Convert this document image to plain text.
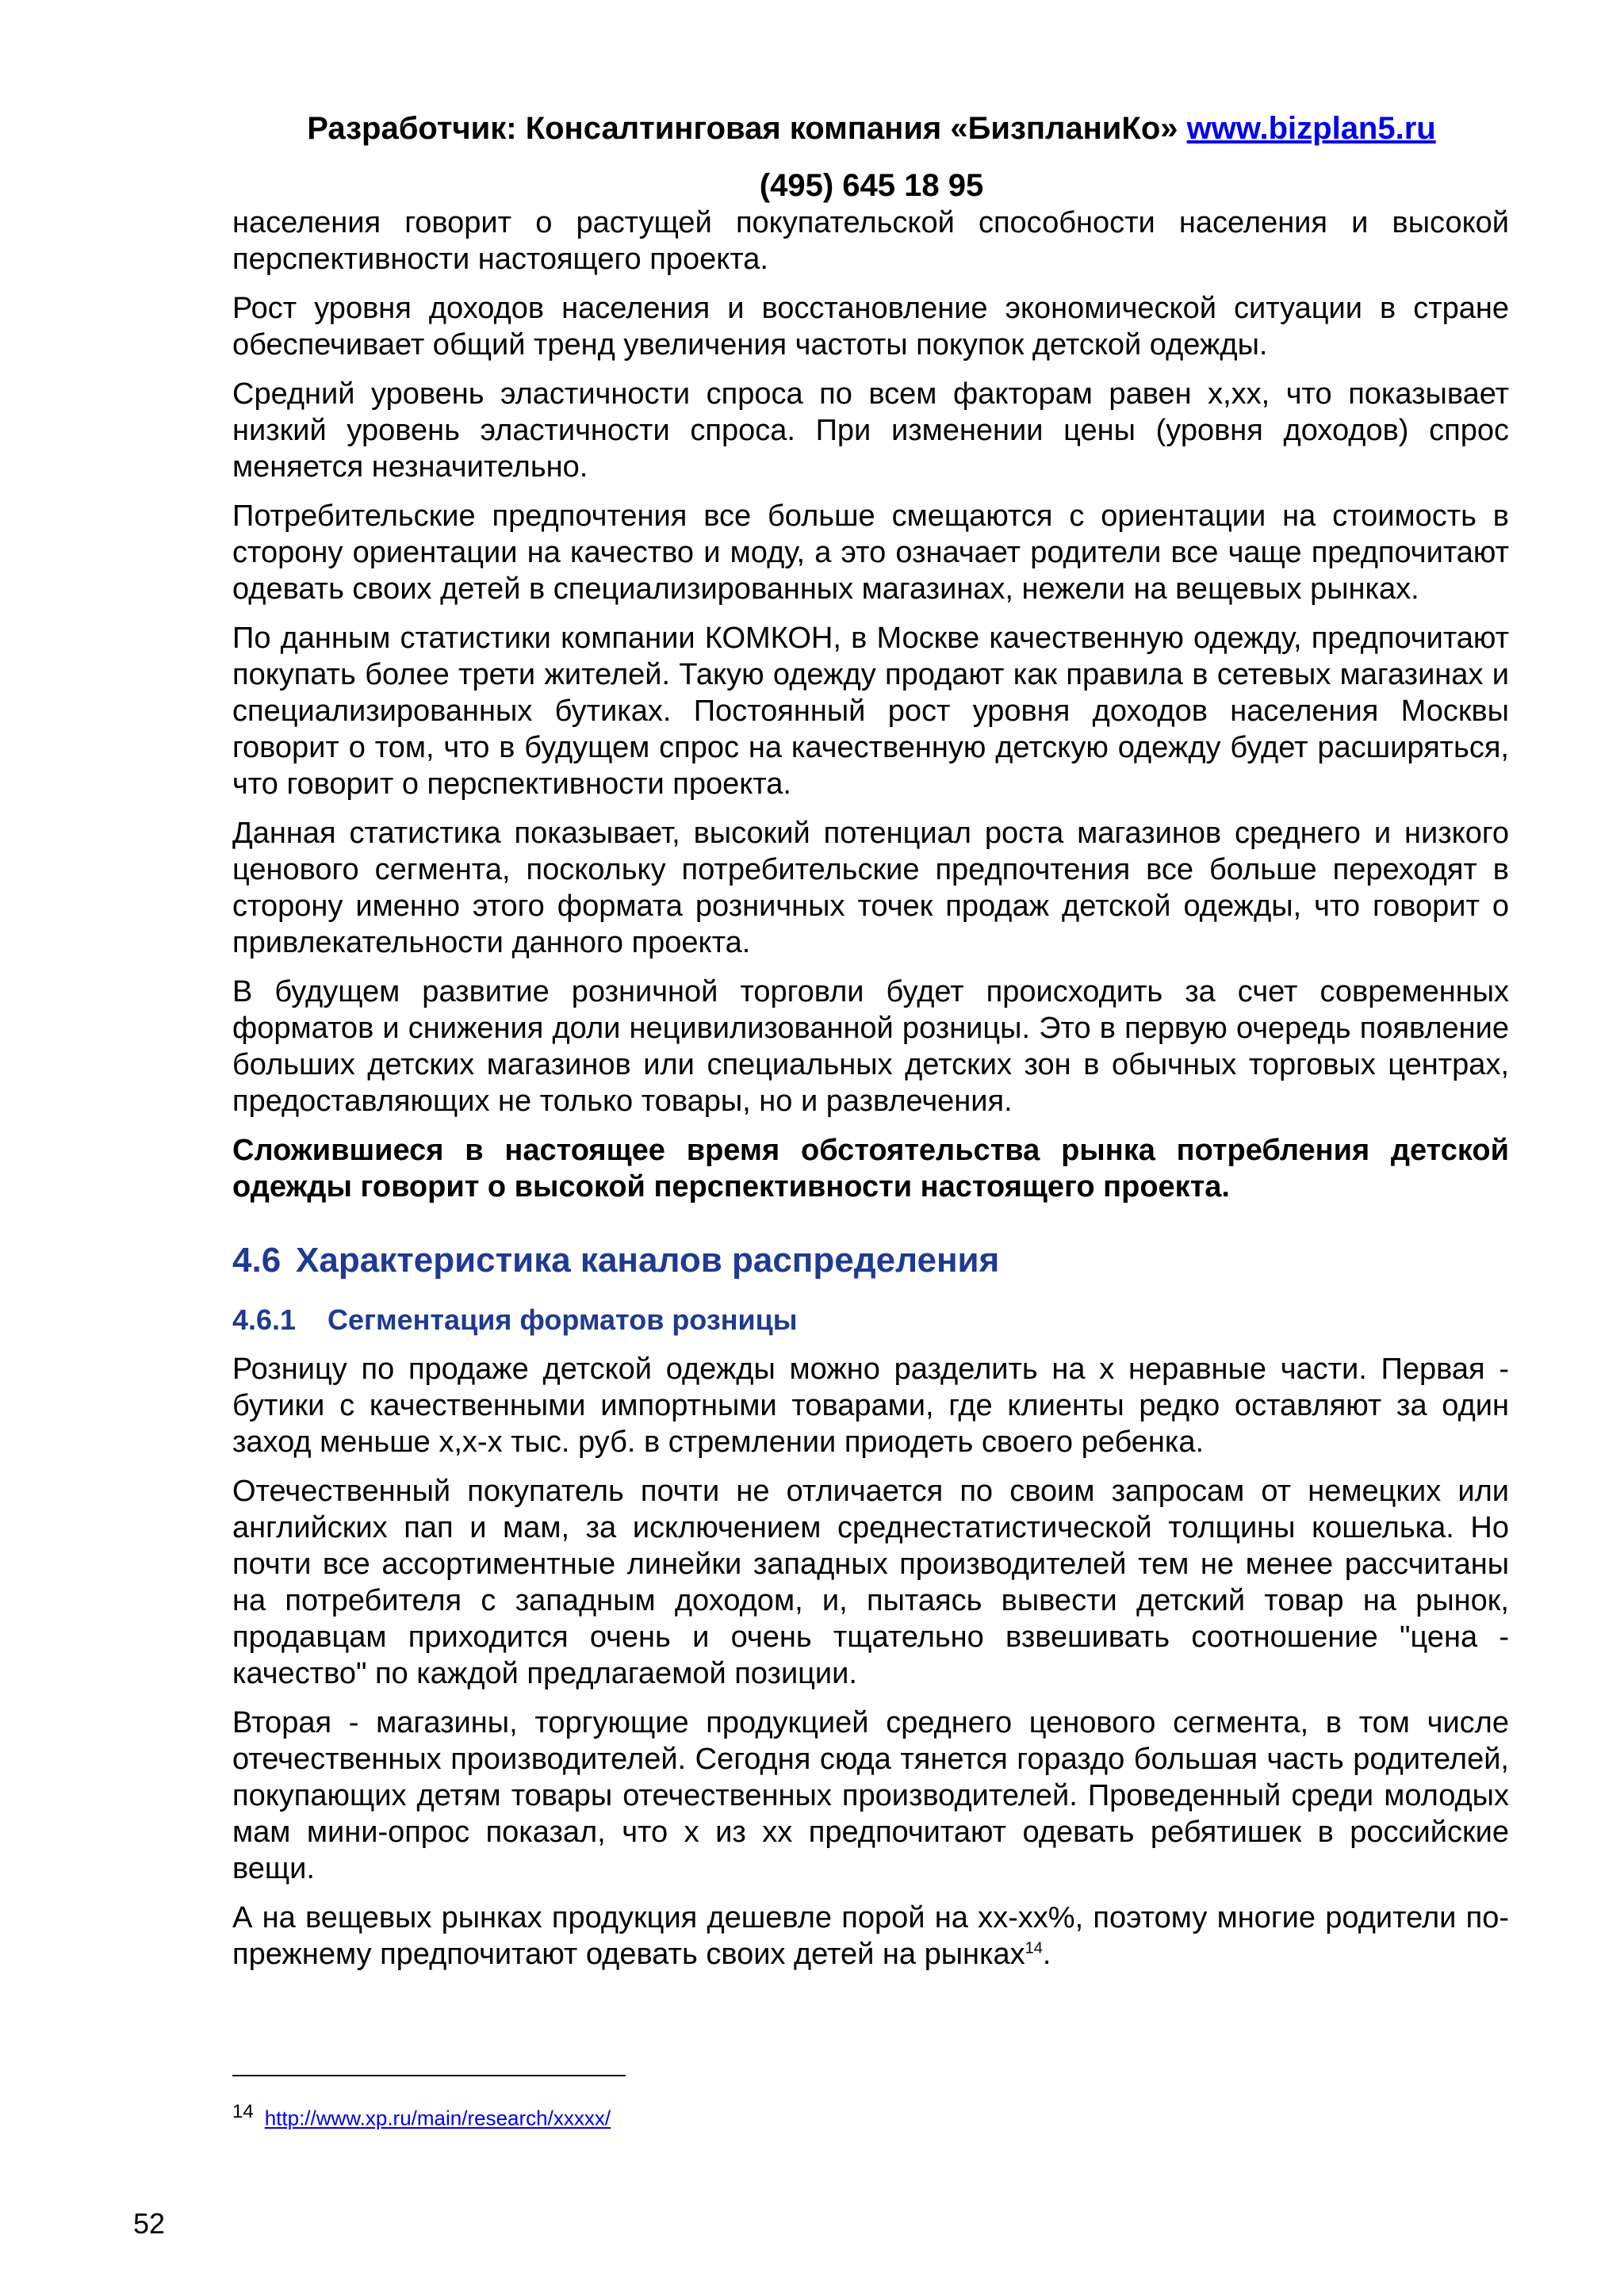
Разработчик: Консалтинговая компания «БизпланиКо» www.bizplan5.ru
(495) 645 18 95

населения говорит о растущей покупательской способности населения и высокой перспективности настоящего проекта.

Рост уровня доходов населения и восстановление экономической ситуации в стране обеспечивает общий тренд увеличения частоты покупок детской одежды.

Средний уровень эластичности спроса по всем факторам равен x,xx, что показывает низкий уровень эластичности спроса. При изменении цены (уровня доходов) спрос меняется незначительно.

Потребительские предпочтения все больше смещаются с ориентации на стоимость в сторону ориентации на качество и моду, а это означает родители все чаще предпочитают одевать своих детей в специализированных магазинах, нежели на вещевых рынках.

По данным статистики компании КОМКОН, в Москве качественную одежду, предпочитают покупать более трети жителей. Такую одежду продают как правила в сетевых магазинах и специализированных бутиках. Постоянный рост уровня доходов населения Москвы говорит о том, что в будущем спрос на качественную детскую одежду будет расширяться, что говорит о перспективности проекта.

Данная статистика показывает, высокий потенциал роста магазинов среднего и низкого ценового сегмента, поскольку потребительские предпочтения все больше переходят в сторону именно этого формата розничных точек продаж детской одежды, что говорит о привлекательности данного проекта.

В будущем развитие розничной торговли будет происходить за счет современных форматов и снижения доли нецивилизованной розницы. Это в первую очередь появление больших детских магазинов или специальных детских зон в обычных торговых центрах, предоставляющих не только товары, но и развлечения.

Сложившиеся в настоящее время обстоятельства рынка потребления детской одежды говорит о высокой перспективности настоящего проекта.

4.6 Характеристика каналов распределения
4.6.1 Сегментация форматов розницы

Розницу по продаже детской одежды можно разделить на x неравные части. Первая - бутики с качественными импортными товарами, где клиенты редко оставляют за один заход меньше x,x-x тыс. руб. в стремлении приодеть своего ребенка.

Отечественный покупатель почти не отличается по своим запросам от немецких или английских пап и мам, за исключением среднестатистической толщины кошелька. Но почти все ассортиментные линейки западных производителей тем не менее рассчитаны на потребителя с западным доходом, и, пытаясь вывести детский товар на рынок, продавцам приходится очень и очень тщательно взвешивать соотношение "цена - качество" по каждой предлагаемой позиции.

Вторая - магазины, торгующие продукцией среднего ценового сегмента, в том числе отечественных производителей. Сегодня сюда тянется гораздо большая часть родителей, покупающих детям товары отечественных производителей. Проведенный среди молодых мам мини-опрос показал, что x из xx предпочитают одевать ребятишек в российские вещи.

А на вещевых рынках продукция дешевле порой на xx-xx%, поэтому многие родители по-прежнему предпочитают одевать своих детей на рынках$^{14}$.

$^{14}$ http://www.xp.ru/main/research/xxxxx/
52
